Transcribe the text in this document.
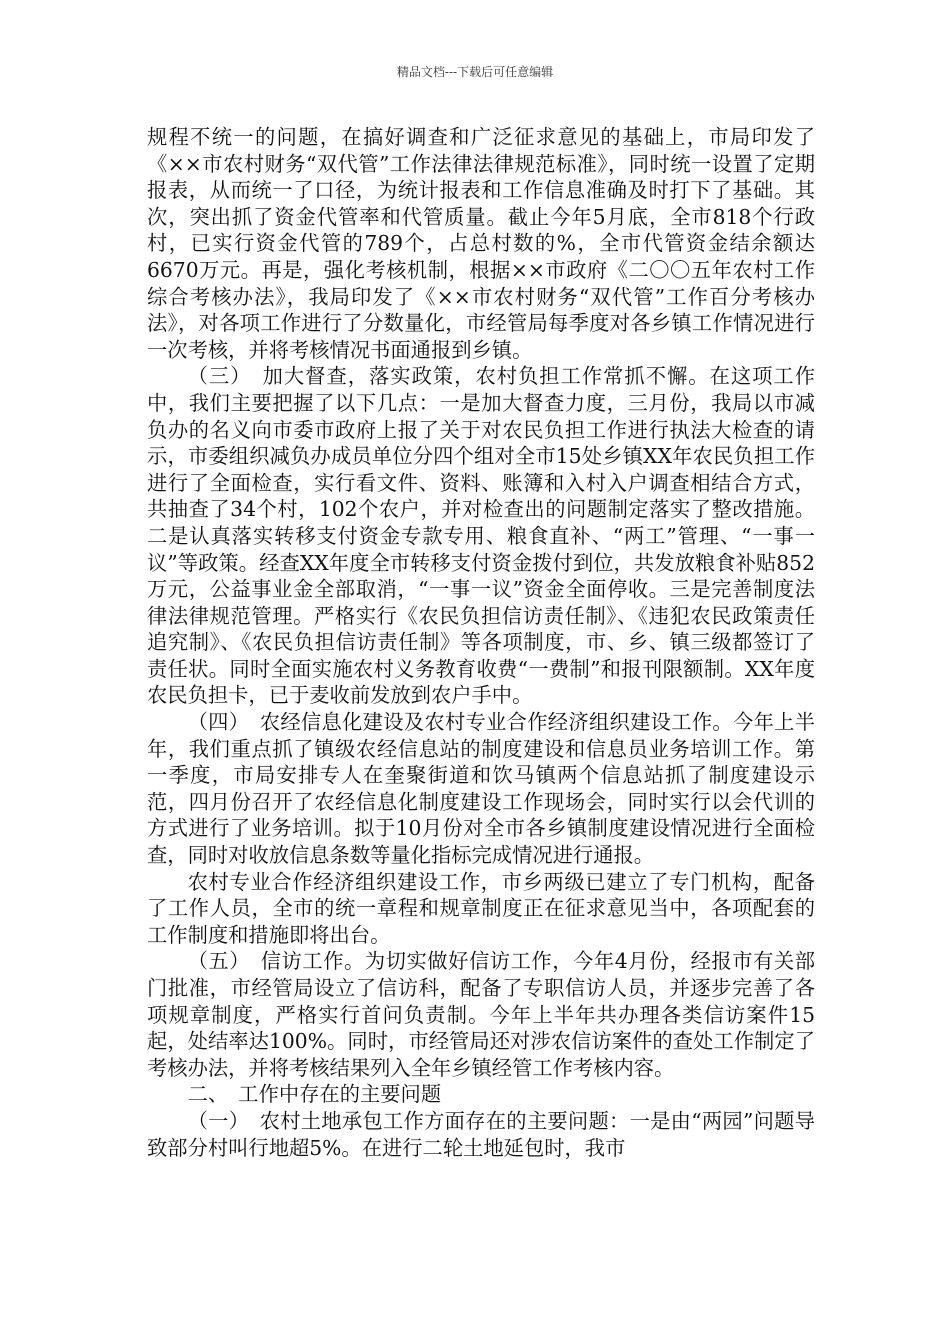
精品文档---下载后可任意编辑

规程不统一的问题，在搞好调查和广泛征求意见的基础上，市局印发了《××市农村财务“双代管”工作法律法律规范标准》，同时统一设置了定期报表，从而统一了口径，为统计报表和工作信息准确及时打下了基础。其次，突出抓了资金代管率和代管质量。截止今年5月底，全市818个行政村，已实行资金代管的789个，占总村数的%，全市代管资金结余额达6670万元。再是，强化考核机制，根据××市政府《二〇〇五年农村工作综合考核办法》，我局印发了《××市农村财务“双代管”工作百分考核办法》，对各项工作进行了分数量化，市经管局每季度对各乡镇工作情况进行一次考核，并将考核情况书面通报到乡镇。

（三）　加大督查，落实政策，农村负担工作常抓不懈。在这项工作中，我们主要把握了以下几点：一是加大督查力度，三月份，我局以市减负办的名义向市委市政府上报了关于对农民负担工作进行执法大检查的请示，市委组织减负办成员单位分四个组对全市15处乡镇XX年农民负担工作进行了全面检查，实行看文件、资料、账簿和入村入户调查相结合方式，共抽查了34个村，102个农户，并对检查出的问题制定落实了整改措施。二是认真落实转移支付资金专款专用、粮食直补、“两工”管理、“一事一议”等政策。经查XX年度全市转移支付资金拨付到位，共发放粮食补贴852万元，公益事业金全部取消，“一事一议”资金全面停收。三是完善制度法律法律规范管理。严格实行《农民负担信访责任制》、《违犯农民政策责任追究制》、《农民负担信访责任制》等各项制度，市、乡、镇三级都签订了责任状。同时全面实施农村义务教育收费“一费制”和报刊限额制。XX年度农民负担卡，已于麦收前发放到农户手中。

（四）　农经信息化建设及农村专业合作经济组织建设工作。今年上半年，我们重点抓了镇级农经信息站的制度建设和信息员业务培训工作。第一季度，市局安排专人在奎聚街道和饮马镇两个信息站抓了制度建设示范，四月份召开了农经信息化制度建设工作现场会，同时实行以会代训的方式进行了业务培训。拟于10月份对全市各乡镇制度建设情况进行全面检查，同时对收放信息条数等量化指标完成情况进行通报。

农村专业合作经济组织建设工作，市乡两级已建立了专门机构，配备了工作人员，全市的统一章程和规章制度正在征求意见当中，各项配套的工作制度和措施即将出台。

（五）　信访工作。为切实做好信访工作，今年4月份，经报市有关部门批准，市经管局设立了信访科，配备了专职信访人员，并逐步完善了各项规章制度，严格实行首问负责制。今年上半年共办理各类信访案件15起，处结率达100%。同时，市经管局还对涉农信访案件的查处工作制定了考核办法，并将考核结果列入全年乡镇经管工作考核内容。

二、　工作中存在的主要问题

（一）　农村土地承包工作方面存在的主要问题：一是由“两园”问题导致部分村叫行地超5%。在进行二轮土地延包时，我市
